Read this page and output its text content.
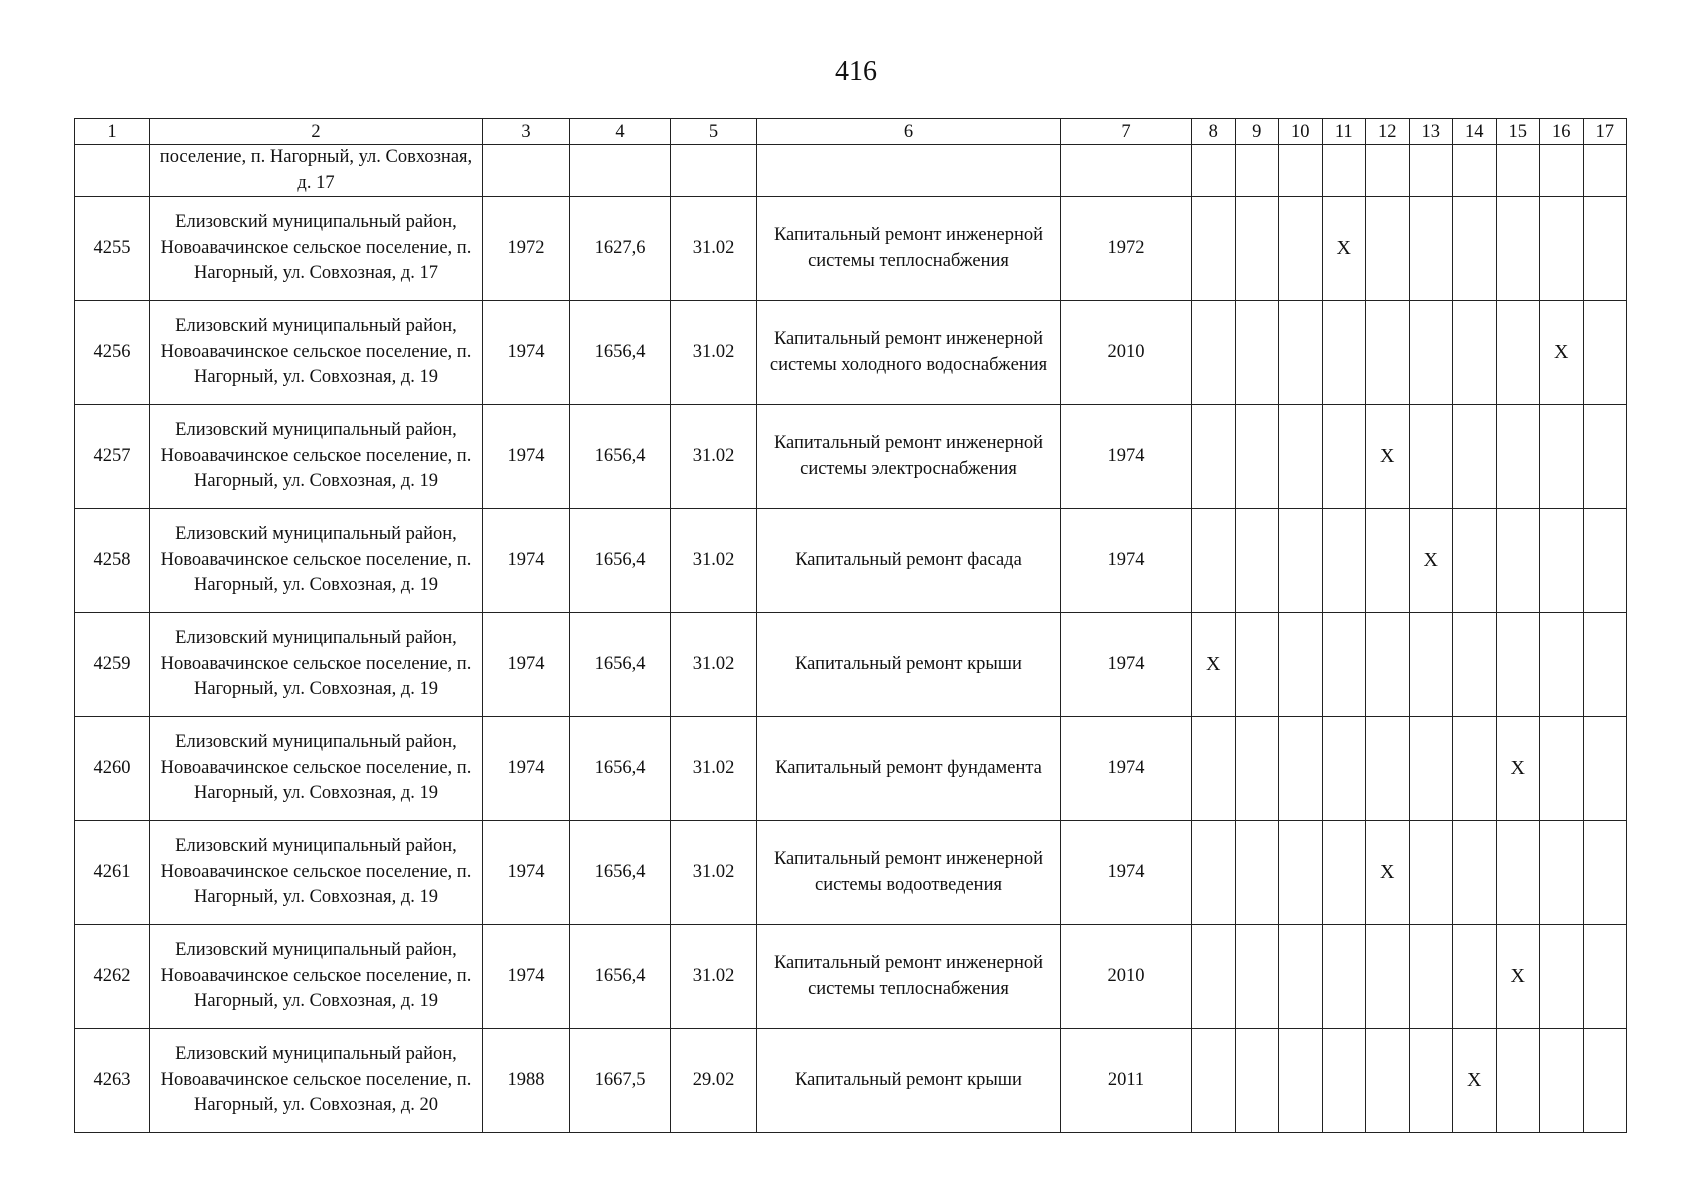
416
1	2	3	4	5	6	7	8	9	10	11	12	13	14	15	16	17
	поселение, п. Нагорный, ул. Совхозная, д. 17															
4255	Елизовский муниципальный район, Новоавачинское сельское поселение, п. Нагорный, ул. Совхозная, д. 17	1972	1627,6	31.02	Капитальный ремонт инженерной системы теплоснабжения	1972				X						
4256	Елизовский муниципальный район, Новоавачинское сельское поселение, п. Нагорный, ул. Совхозная, д. 19	1974	1656,4	31.02	Капитальный ремонт инженерной системы холодного водоснабжения	2010									X	
4257	Елизовский муниципальный район, Новоавачинское сельское поселение, п. Нагорный, ул. Совхозная, д. 19	1974	1656,4	31.02	Капитальный ремонт инженерной системы электроснабжения	1974					X					
4258	Елизовский муниципальный район, Новоавачинское сельское поселение, п. Нагорный, ул. Совхозная, д. 19	1974	1656,4	31.02	Капитальный ремонт фасада	1974						X				
4259	Елизовский муниципальный район, Новоавачинское сельское поселение, п. Нагорный, ул. Совхозная, д. 19	1974	1656,4	31.02	Капитальный ремонт крыши	1974	X									
4260	Елизовский муниципальный район, Новоавачинское сельское поселение, п. Нагорный, ул. Совхозная, д. 19	1974	1656,4	31.02	Капитальный ремонт фундамента	1974								X		
4261	Елизовский муниципальный район, Новоавачинское сельское поселение, п. Нагорный, ул. Совхозная, д. 19	1974	1656,4	31.02	Капитальный ремонт инженерной системы водоотведения	1974					X					
4262	Елизовский муниципальный район, Новоавачинское сельское поселение, п. Нагорный, ул. Совхозная, д. 19	1974	1656,4	31.02	Капитальный ремонт инженерной системы теплоснабжения	2010								X		
4263	Елизовский муниципальный район, Новоавачинское сельское поселение, п. Нагорный, ул. Совхозная, д. 20	1988	1667,5	29.02	Капитальный ремонт крыши	2011							X			
